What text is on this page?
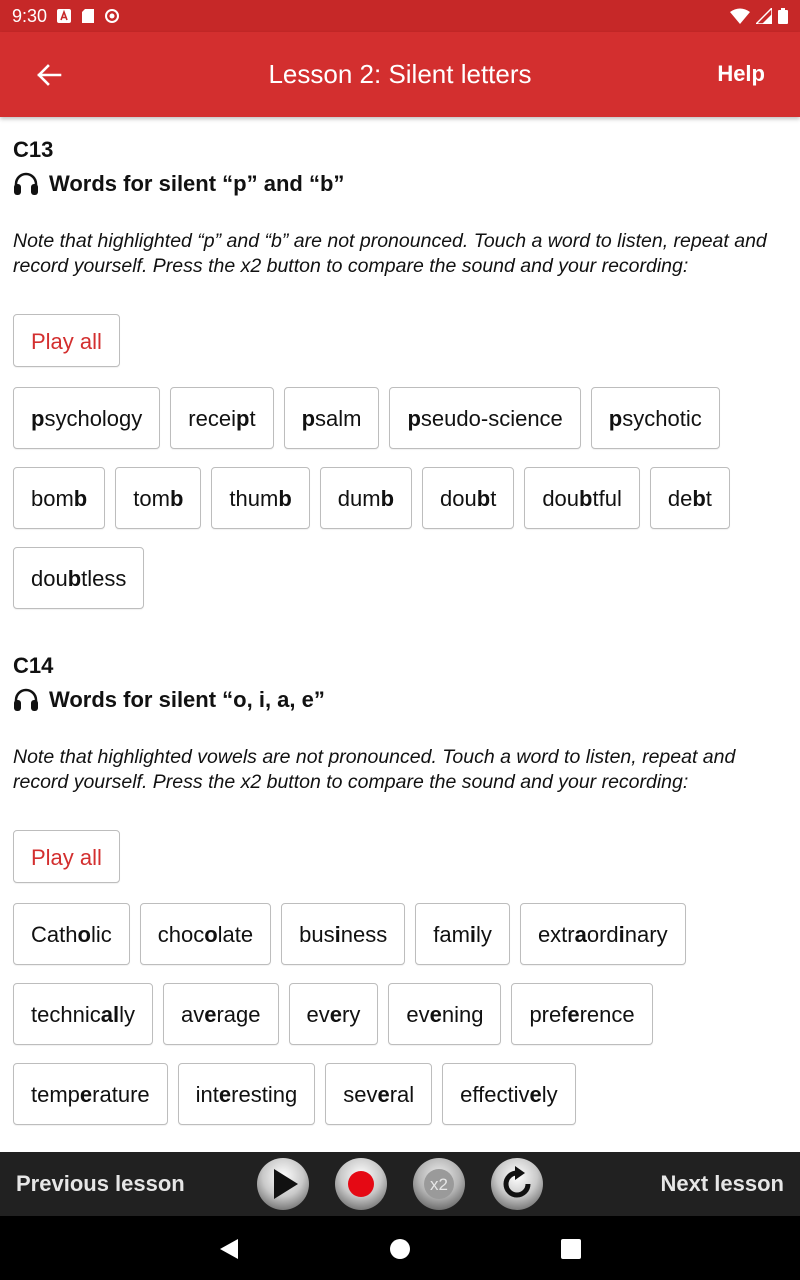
9:30
Lesson 2: Silent letters	Help
C13
Words for silent “p” and “b”
Note that highlighted “p” and “b” are not pronounced. Touch a word to listen, repeat and record yourself. Press the x2 button to compare the sound and your recording:
Play all
psychology	receipt	psalm	pseudo-science	psychotic
bomb	tomb	thumb	dumb	doubt	doubtful	debt
doubtless
C14
Words for silent “o, i, a, e”
Note that highlighted vowels are not pronounced. Touch a word to listen, repeat and record yourself. Press the x2 button to compare the sound and your recording:
Play all
Catholic	chocolate	business	family	extraordinary
technically	average	every	evening	preference
temperature	interesting	several	effectively
Previous lesson	x2	Next lesson
